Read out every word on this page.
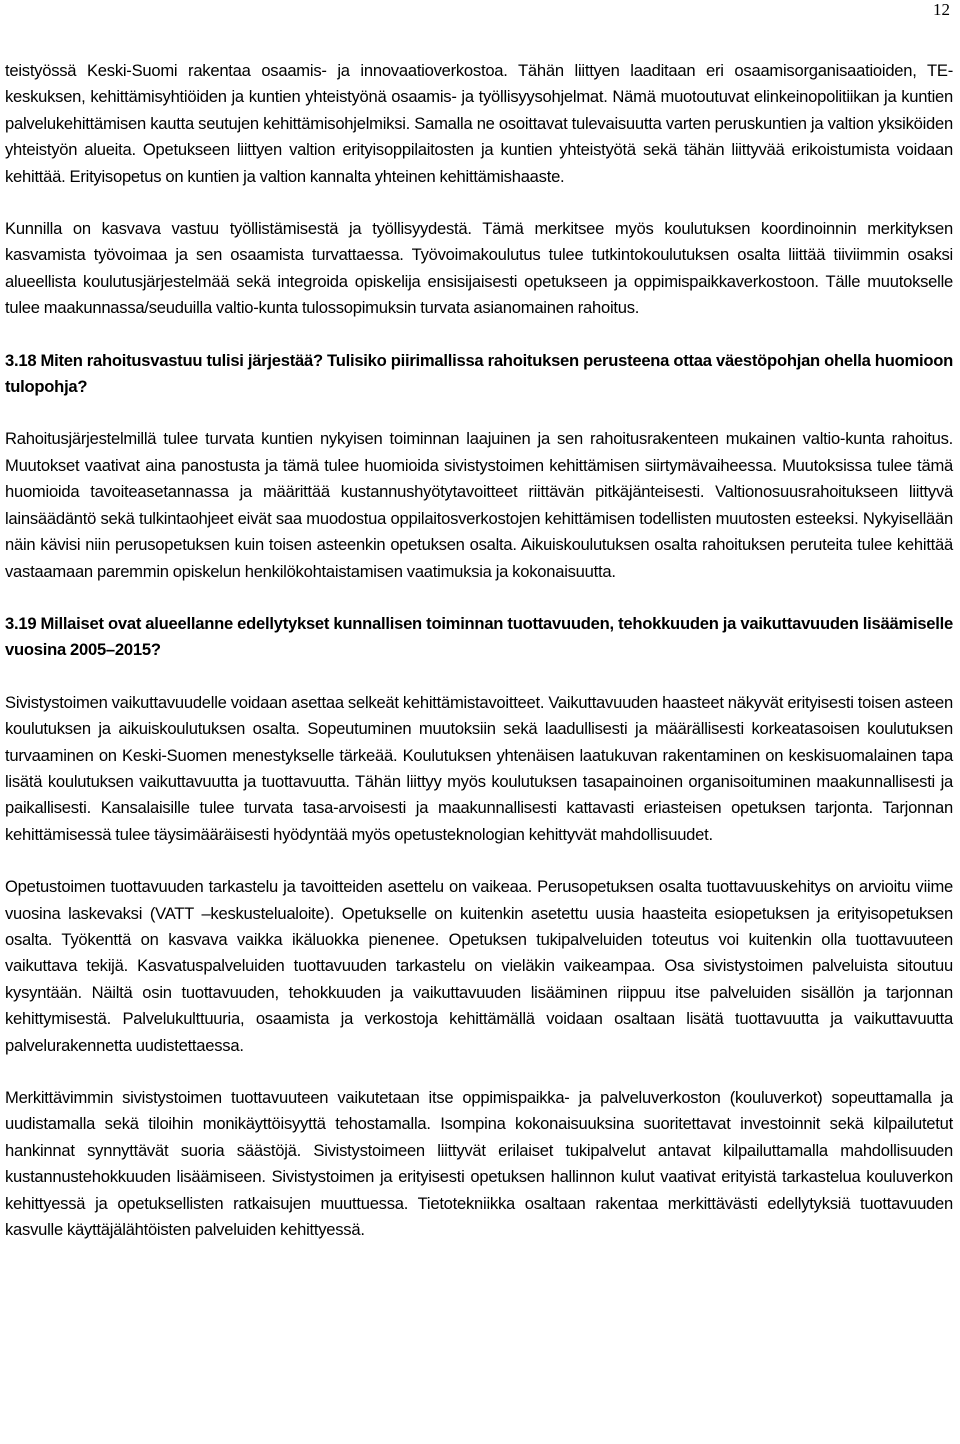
12

teistyössä Keski-Suomi rakentaa osaamis- ja innovaatioverkostoa. Tähän liittyen laaditaan eri osaamisorganisaatioiden, TE-keskuksen, kehittämisyhtiöiden ja kuntien yhteistyönä osaamis- ja työllisyysohjelmat. Nämä muotoutuvat elinkeinopolitiikan ja kuntien palvelukehittämisen kautta seutujen kehittämisohjelmiksi. Samalla ne osoittavat tulevaisuutta varten peruskuntien ja valtion yksiköiden yhteistyön alueita. Opetukseen liittyen valtion erityisoppilaitosten ja kuntien yhteistyötä sekä tähän liittyvää erikoistumista voidaan kehittää. Erityisopetus on kuntien ja valtion kannalta yhteinen kehittämishaaste.

Kunnilla on kasvava vastuu työllistämisestä ja työllisyydestä. Tämä merkitsee myös koulutuksen koordinoinnin merkityksen kasvamista työvoimaa ja sen osaamista turvattaessa. Työvoimakoulutus tulee tutkintokoulutuksen osalta liittää tiiviimmin osaksi alueellista koulutusjärjestelmää sekä integroida opiskelija ensisijaisesti opetukseen ja oppimispaikkaverkostoon. Tälle muutokselle tulee maakunnassa/seuduilla valtio-kunta tulossopimuksin turvata asianomainen rahoitus.

3.18 Miten rahoitusvastuu tulisi järjestää? Tulisiko piirimallissa rahoituksen perusteena ottaa väestöpohjan ohella huomioon tulopohja?

Rahoitusjärjestelmillä tulee turvata kuntien nykyisen toiminnan laajuinen ja sen rahoitusrakenteen mukainen valtio-kunta rahoitus. Muutokset vaativat aina panostusta ja tämä tulee huomioida sivistystoimen kehittämisen siirtymävaiheessa. Muutoksissa tulee tämä huomioida tavoiteasetannassa ja määrittää kustannushyötytavoitteet riittävän pitkäjänteisesti. Valtionosuusrahoitukseen liittyvä lainsäädäntö sekä tulkintaohjeet eivät saa muodostua oppilaitosverkostojen kehittämisen todellisten muutosten esteeksi. Nykyisellään näin kävisi niin perusopetuksen kuin toisen asteenkin opetuksen osalta. Aikuiskoulutuksen osalta rahoituksen peruteita tulee kehittää vastaamaan paremmin opiskelun henkilökohtaistamisen vaatimuksia ja kokonaisuutta.

3.19 Millaiset ovat alueellanne edellytykset kunnallisen toiminnan tuottavuuden, tehokkuuden ja vaikuttavuuden lisäämiselle vuosina 2005–2015?

Sivistystoimen vaikuttavuudelle voidaan asettaa selkeät kehittämistavoitteet. Vaikuttavuuden haasteet näkyvät erityisesti toisen asteen koulutuksen ja aikuiskoulutuksen osalta. Sopeutuminen muutoksiin sekä laadullisesti ja määrällisesti korkeatasoisen koulutuksen turvaaminen on Keski-Suomen menestykselle tärkeää. Koulutuksen yhtenäisen laatukuvan rakentaminen on keskisuomalainen tapa lisätä koulutuksen vaikuttavuutta ja tuottavuutta. Tähän liittyy myös koulutuksen tasapainoinen organisoituminen maakunnallisesti ja paikallisesti. Kansalaisille tulee turvata tasa-arvoisesti ja maakunnallisesti kattavasti eriasteisen opetuksen tarjonta. Tarjonnan kehittämisessä tulee täysimääräisesti hyödyntää myös opetusteknologian kehittyvät mahdollisuudet.

Opetustoimen tuottavuuden tarkastelu ja tavoitteiden asettelu on vaikeaa. Perusopetuksen osalta tuottavuuskehitys on arvioitu viime vuosina laskevaksi (VATT –keskustelualoite). Opetukselle on kuitenkin asetettu uusia haasteita esiopetuksen ja erityisopetuksen osalta. Työkenttä on kasvava vaikka ikäluokka pienenee. Opetuksen tukipalveluiden toteutus voi kuitenkin olla tuottavuuteen vaikuttava tekijä. Kasvatuspalveluiden tuottavuuden tarkastelu on vieläkin vaikeampaa. Osa sivistystoimen palveluista sitoutuu kysyntään. Näiltä osin tuottavuuden, tehokkuuden ja vaikuttavuuden lisääminen riippuu itse palveluiden sisällön ja tarjonnan kehittymisestä. Palvelukulttuuria, osaamista ja verkostoja kehittämällä voidaan osaltaan lisätä tuottavuutta ja vaikuttavuutta palvelurakennetta uudistettaessa.

Merkittävimmin sivistystoimen tuottavuuteen vaikutetaan itse oppimispaikka- ja palveluverkoston (kouluverkot) sopeuttamalla ja uudistamalla sekä tiloihin monikäyttöisyyttä tehostamalla. Isompina kokonaisuuksina suoritettavat investoinnit sekä kilpailutetut hankinnat synnyttävät suoria säästöjä. Sivistystoimeen liittyvät erilaiset tukipalvelut antavat kilpailuttamalla mahdollisuuden kustannustehokkuuden lisäämiseen. Sivistystoimen ja erityisesti opetuksen hallinnon kulut vaativat erityistä tarkastelua kouluverkon kehittyessä ja opetuksellisten ratkaisujen muuttuessa. Tietotekniikka osaltaan rakentaa merkittävästi edellytyksiä tuottavuuden kasvulle käyttäjälähtöisten palveluiden kehittyessä.
